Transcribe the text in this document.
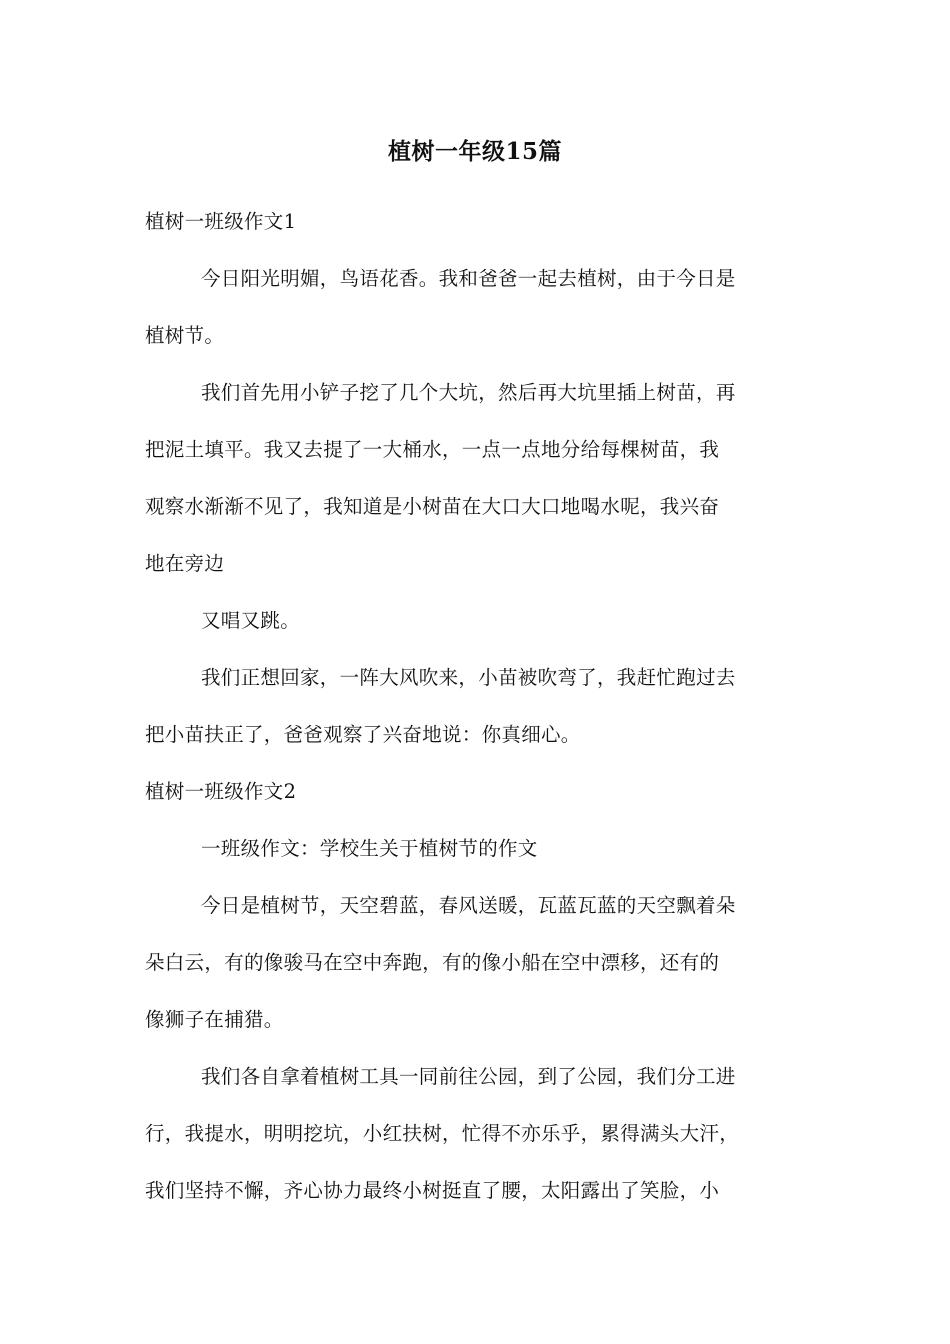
植树一年级15篇
植树一班级作文1
今日阳光明媚，鸟语花香。我和爸爸一起去植树，由于今日是
植树节。
我们首先用小铲子挖了几个大坑，然后再大坑里插上树苗，再
把泥土填平。我又去提了一大桶水，一点一点地分给每棵树苗，我
观察水渐渐不见了，我知道是小树苗在大口大口地喝水呢，我兴奋
地在旁边
又唱又跳。
我们正想回家，一阵大风吹来，小苗被吹弯了，我赶忙跑过去
把小苗扶正了，爸爸观察了兴奋地说：你真细心。
植树一班级作文2
一班级作文：学校生关于植树节的作文
今日是植树节，天空碧蓝，春风送暖，瓦蓝瓦蓝的天空飘着朵
朵白云，有的像骏马在空中奔跑，有的像小船在空中漂移，还有的
像狮子在捕猎。
我们各自拿着植树工具一同前往公园，到了公园，我们分工进
行，我提水，明明挖坑，小红扶树，忙得不亦乐乎，累得满头大汗，
我们坚持不懈，齐心协力最终小树挺直了腰，太阳露出了笑脸，小
